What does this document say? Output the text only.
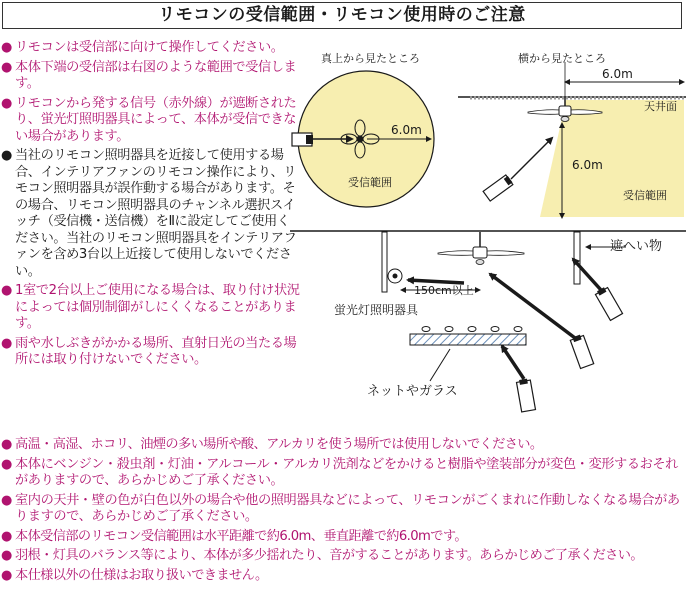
リモコンの受信範囲・リモコン使用時のご注意
● リモコンは受信部に向けて操作してください。
● 本体下端の受信部は右図のような範囲で受信します。
● リモコンから発する信号（赤外線）が遮断されたり、蛍光灯照明器具によって、本体が受信できない場合があります。
● 当社のリモコン照明器具を近接して使用する場合、インテリアファンのリモコン操作により、リモコン照明器具が誤作動する場合があります。その場合、リモコン照明器具のチャンネル選択スイッチ（受信機・送信機）をⅡに設定してご使用ください。当社のリモコン照明器具をインテリアファンを含め3台以上近接して使用しないでください。
● 1室で2台以上ご使用になる場合は、取り付け状況によっては個別制御がしにくくなることがあります。
● 雨や水しぶきがかかる場所、直射日光の当たる場所には取り付けないでください。
● 高温・高湿、ホコリ、油煙の多い場所や酸、アルカリを使う場所では使用しないでください。
● 本体にベンジン・殺虫剤・灯油・アルコール・アルカリ洗剤などをかけると樹脂や塗装部分が変色・変形するおそれがありますので、あらかじめご了承ください。
● 室内の天井・壁の色が白色以外の場合や他の照明器具などによって、リモコンがごくまれに作動しなくなる場合がありますので、あらかじめご了承ください。
● 本体受信部のリモコン受信範囲は水平距離で約6.0m、垂直距離で約6.0mです。
● 羽根・灯具のバランス等により、本体が多少揺れたり、音がすることがあります。あらかじめご了承ください。
● 本仕様以外の仕様はお取り扱いできません。
真上から見たところ
6.0m
受信範囲
横から見たところ
天井面
6.0m
6.0m
受信範囲
150cm以上
蛍光灯照明器具
遮へい物
ネットやガラス
